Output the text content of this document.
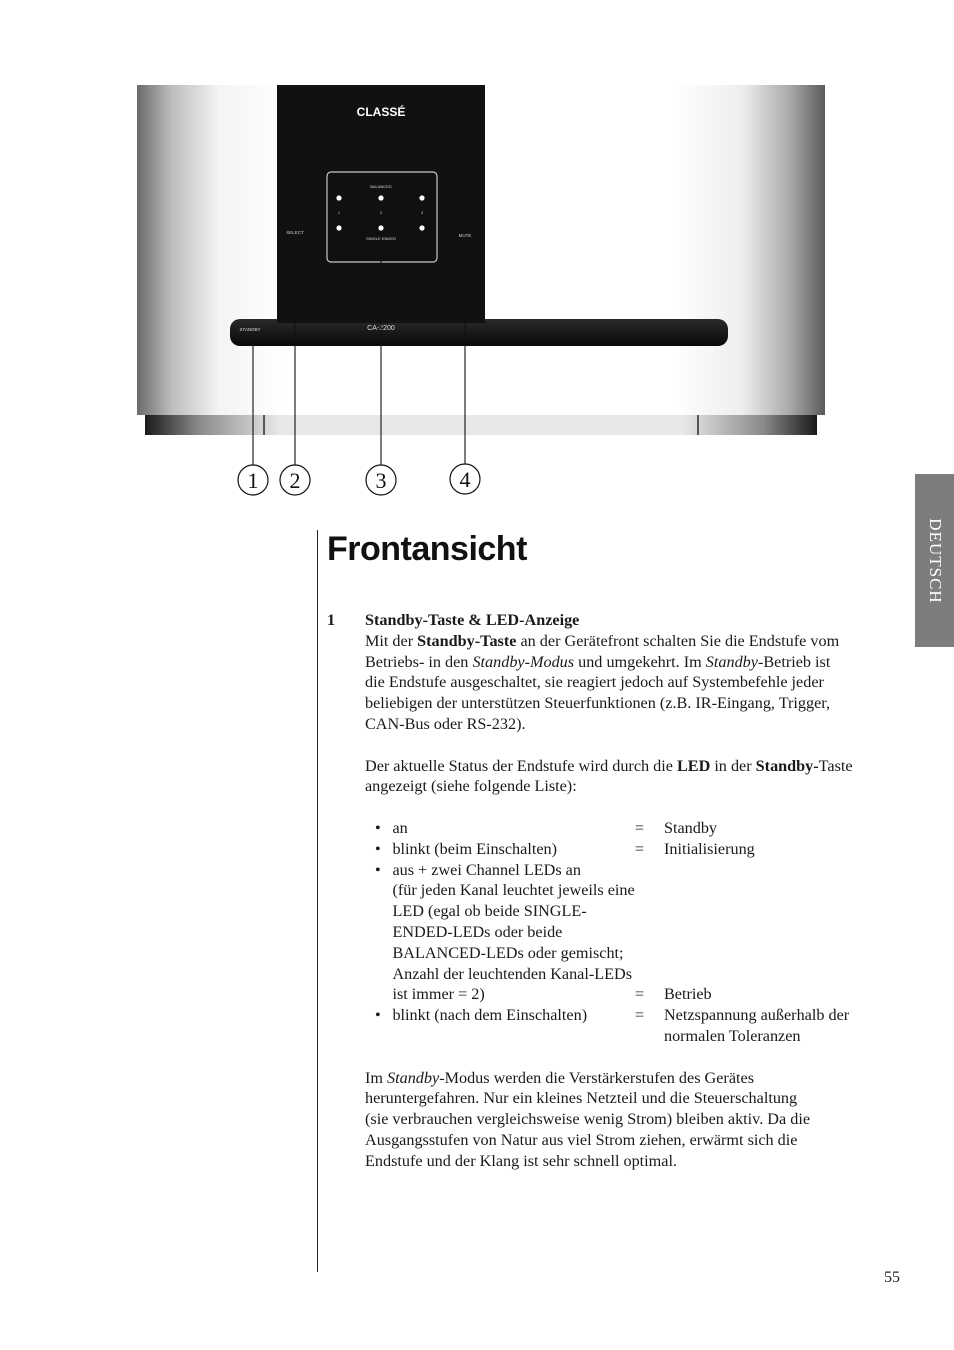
CLASSÉ
CA-2200
BALANCED
1	2	3
SINGLE ENDED
SELECT
MUTE
STANDBY
1 2	3	4
DEUTSCH
Frontansicht
1	Standby-Taste & LED-Anzeige
Mit der Standby-Taste an der Gerätefront schalten Sie die Endstufe vom
Betriebs- in den Standby-Modus und umgekehrt. Im Standby-Betrieb ist
die Endstufe ausgeschaltet, sie reagiert jedoch auf Systembefehle jeder
beliebigen der unterstützen Steuerfunktionen (z.B. IR-Eingang, Trigger,
CAN-Bus oder RS-232).
Der aktuelle Status der Endstufe wird durch die LED in der Standby-Taste
angezeigt (siehe folgende Liste):
• an	=	Standby
• blinkt (beim Einschalten)	=	Initialisierung
• aus + zwei Channel LEDs an
(für jeden Kanal leuchtet jeweils eine
LED (egal ob beide SINGLE-
ENDED-LEDs oder beide
BALANCED-LEDs oder gemischt;
Anzahl der leuchtenden Kanal-LEDs
ist immer = 2)	=	Betrieb
• blinkt (nach dem Einschalten)	=	Netzspannung außerhalb der
normalen Toleranzen
Im Standby-Modus werden die Verstärkerstufen des Gerätes
heruntergefahren. Nur ein kleines Netzteil und die Steuerschaltung
(sie verbrauchen vergleichsweise wenig Strom) bleiben aktiv. Da die
Ausgangsstufen von Natur aus viel Strom ziehen, erwärmt sich die
Endstufe und der Klang ist sehr schnell optimal.
55
